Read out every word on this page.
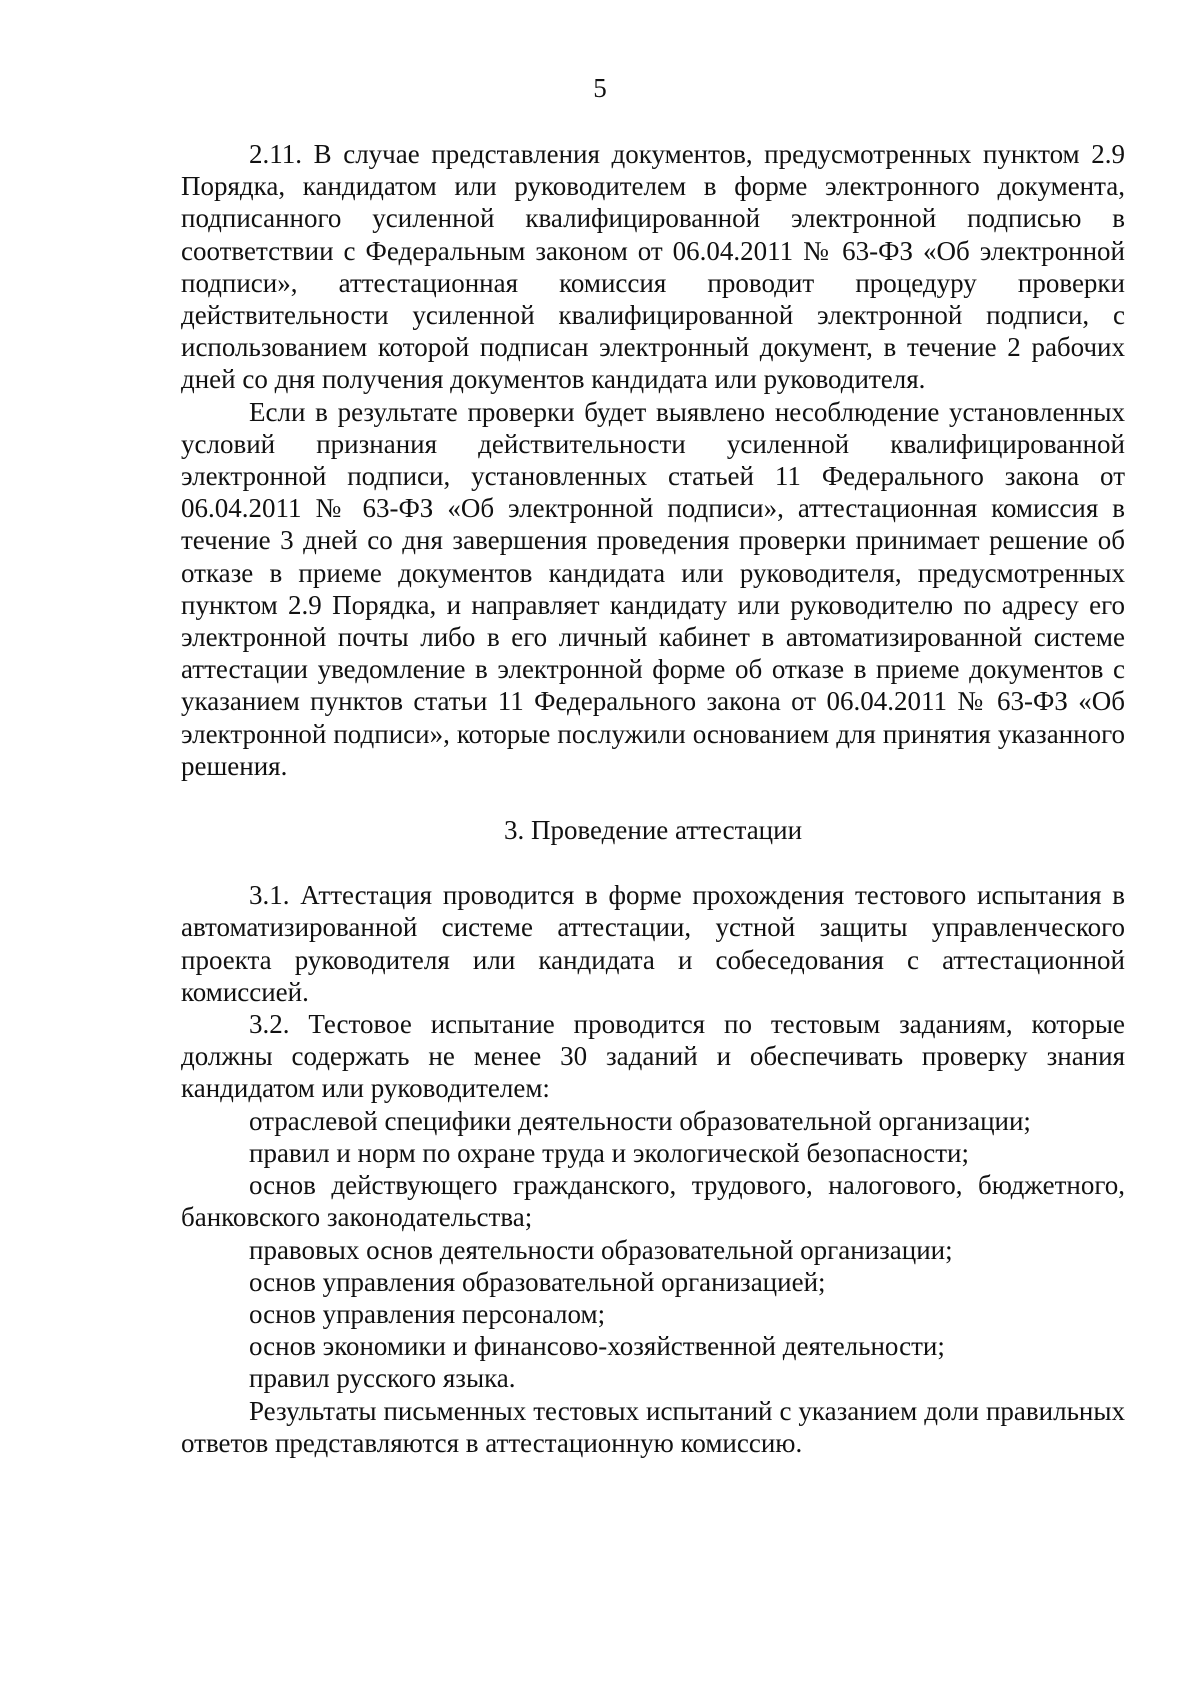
5

2.11. В случае представления документов, предусмотренных пунктом 2.9 Порядка, кандидатом или руководителем в форме электронного документа, подписанного усиленной квалифицированной электронной подписью в соответствии с Федеральным законом от 06.04.2011 № 63-ФЗ «Об электронной подписи», аттестационная комиссия проводит процедуру проверки действительности усиленной квалифицированной электронной подписи, с использованием которой подписан электронный документ, в течение 2 рабочих дней со дня получения документов кандидата или руководителя.

Если в результате проверки будет выявлено несоблюдение установленных условий признания действительности усиленной квалифицированной электронной подписи, установленных статьей 11 Федерального закона от 06.04.2011 № 63-ФЗ «Об электронной подписи», аттестационная комиссия в течение 3 дней со дня завершения проведения проверки принимает решение об отказе в приеме документов кандидата или руководителя, предусмотренных пунктом 2.9 Порядка, и направляет кандидату или руководителю по адресу его электронной почты либо в его личный кабинет в автоматизированной системе аттестации уведомление в электронной форме об отказе в приеме документов с указанием пунктов статьи 11 Федерального закона от 06.04.2011 № 63-ФЗ «Об электронной подписи», которые послужили основанием для принятия указанного решения.

3. Проведение аттестации

3.1. Аттестация проводится в форме прохождения тестового испытания в автоматизированной системе аттестации, устной защиты управленческого проекта руководителя или кандидата и собеседования с аттестационной комиссией.

3.2. Тестовое испытание проводится по тестовым заданиям, которые должны содержать не менее 30 заданий и обеспечивать проверку знания кандидатом или руководителем:

отраслевой специфики деятельности образовательной организации;

правил и норм по охране труда и экологической безопасности;

основ действующего гражданского, трудового, налогового, бюджетного, банковского законодательства;

правовых основ деятельности образовательной организации;

основ управления образовательной организацией;

основ управления персоналом;

основ экономики и финансово-хозяйственной деятельности;

правил русского языка.

Результаты письменных тестовых испытаний с указанием доли правильных ответов представляются в аттестационную комиссию.
